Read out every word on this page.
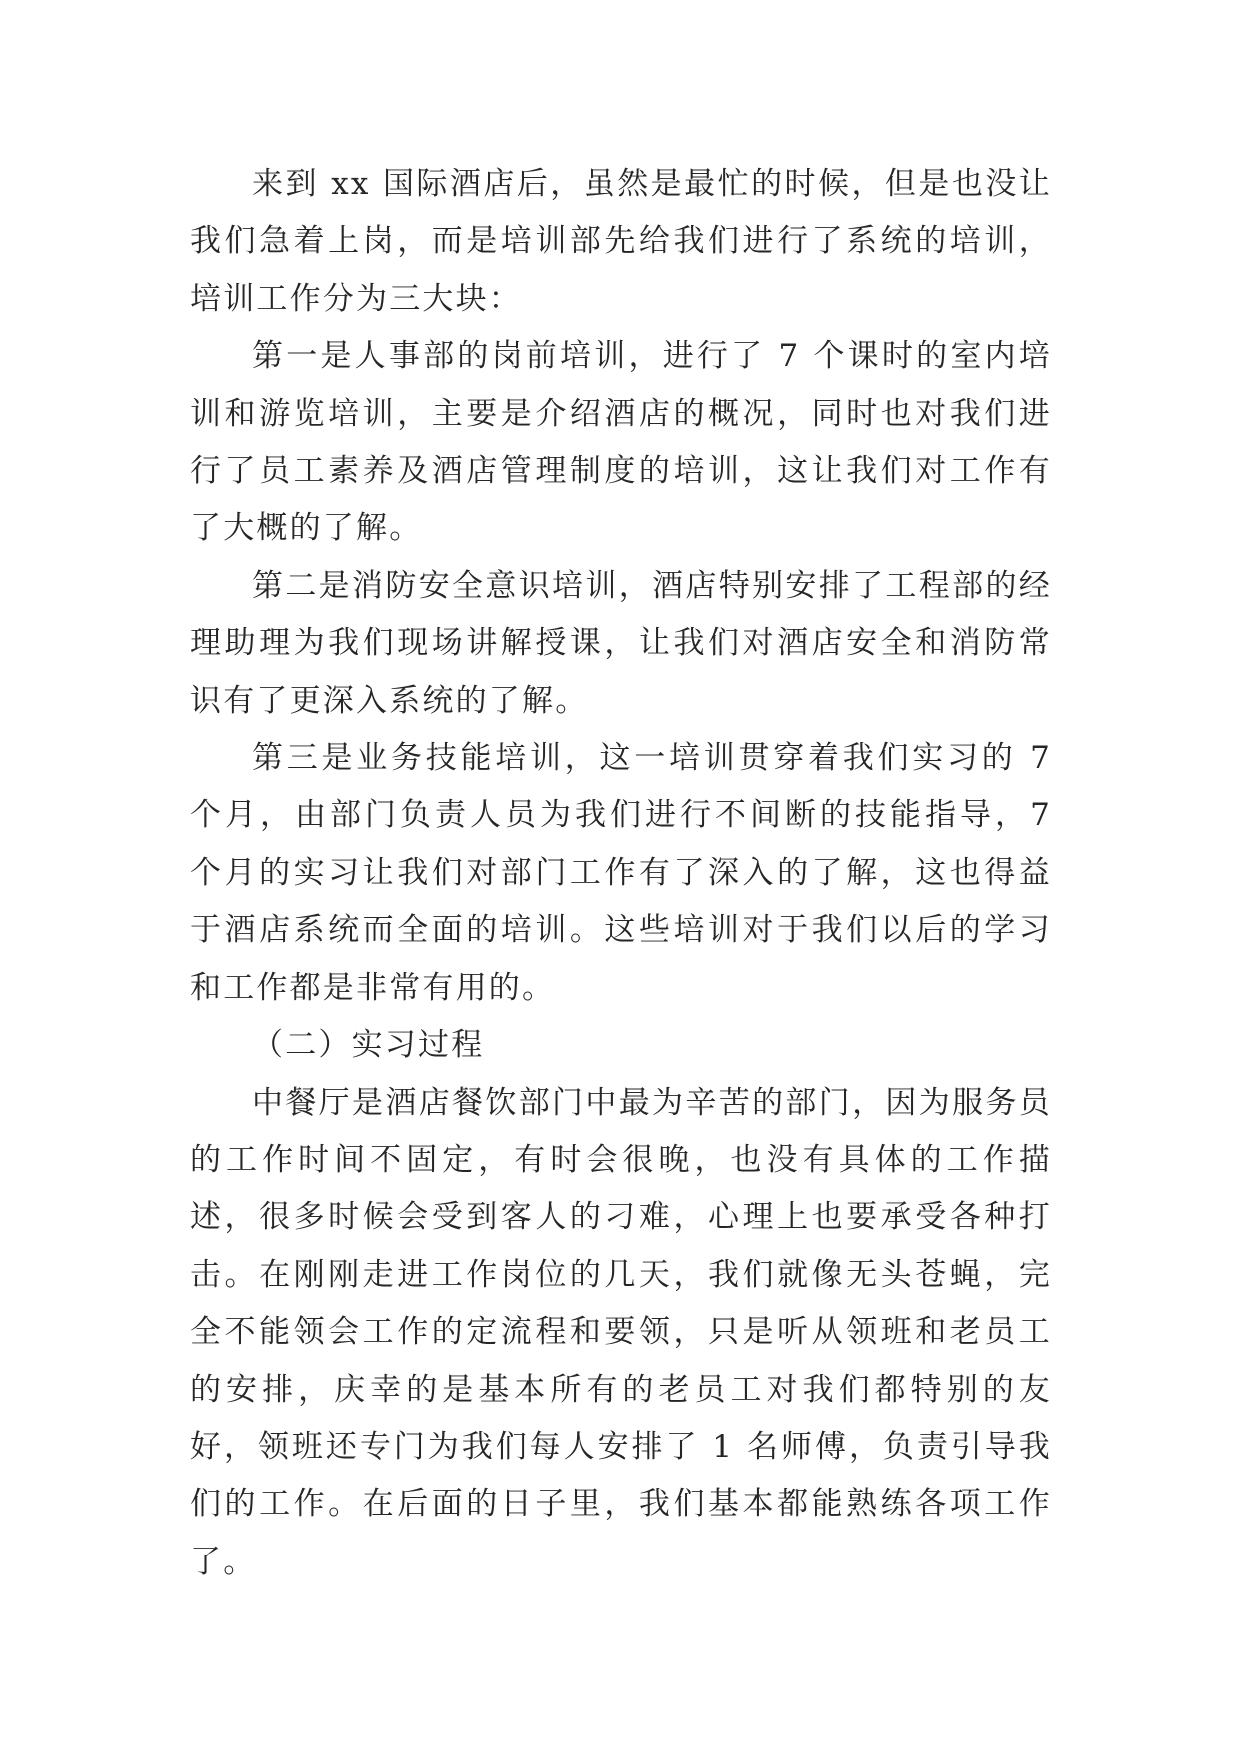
来到 xx 国际酒店后，虽然是最忙的时候，但是也没让我们急着上岗，而是培训部先给我们进行了系统的培训，培训工作分为三大块：

第一是人事部的岗前培训，进行了 7 个课时的室内培训和游览培训，主要是介绍酒店的概况，同时也对我们进行了员工素养及酒店管理制度的培训，这让我们对工作有了大概的了解。

第二是消防安全意识培训，酒店特别安排了工程部的经理助理为我们现场讲解授课，让我们对酒店安全和消防常识有了更深入系统的了解。

第三是业务技能培训，这一培训贯穿着我们实习的 7 个月，由部门负责人员为我们进行不间断的技能指导，7 个月的实习让我们对部门工作有了深入的了解，这也得益于酒店系统而全面的培训。这些培训对于我们以后的学习和工作都是非常有用的。

（二）实习过程

中餐厅是酒店餐饮部门中最为辛苦的部门，因为服务员的工作时间不固定，有时会很晚，也没有具体的工作描述，很多时候会受到客人的刁难，心理上也要承受各种打击。在刚刚走进工作岗位的几天，我们就像无头苍蝇，完全不能领会工作的定流程和要领，只是听从领班和老员工的安排，庆幸的是基本所有的老员工对我们都特别的友好，领班还专门为我们每人安排了 1 名师傅，负责引导我们的工作。在后面的日子里，我们基本都能熟练各项工作了。
